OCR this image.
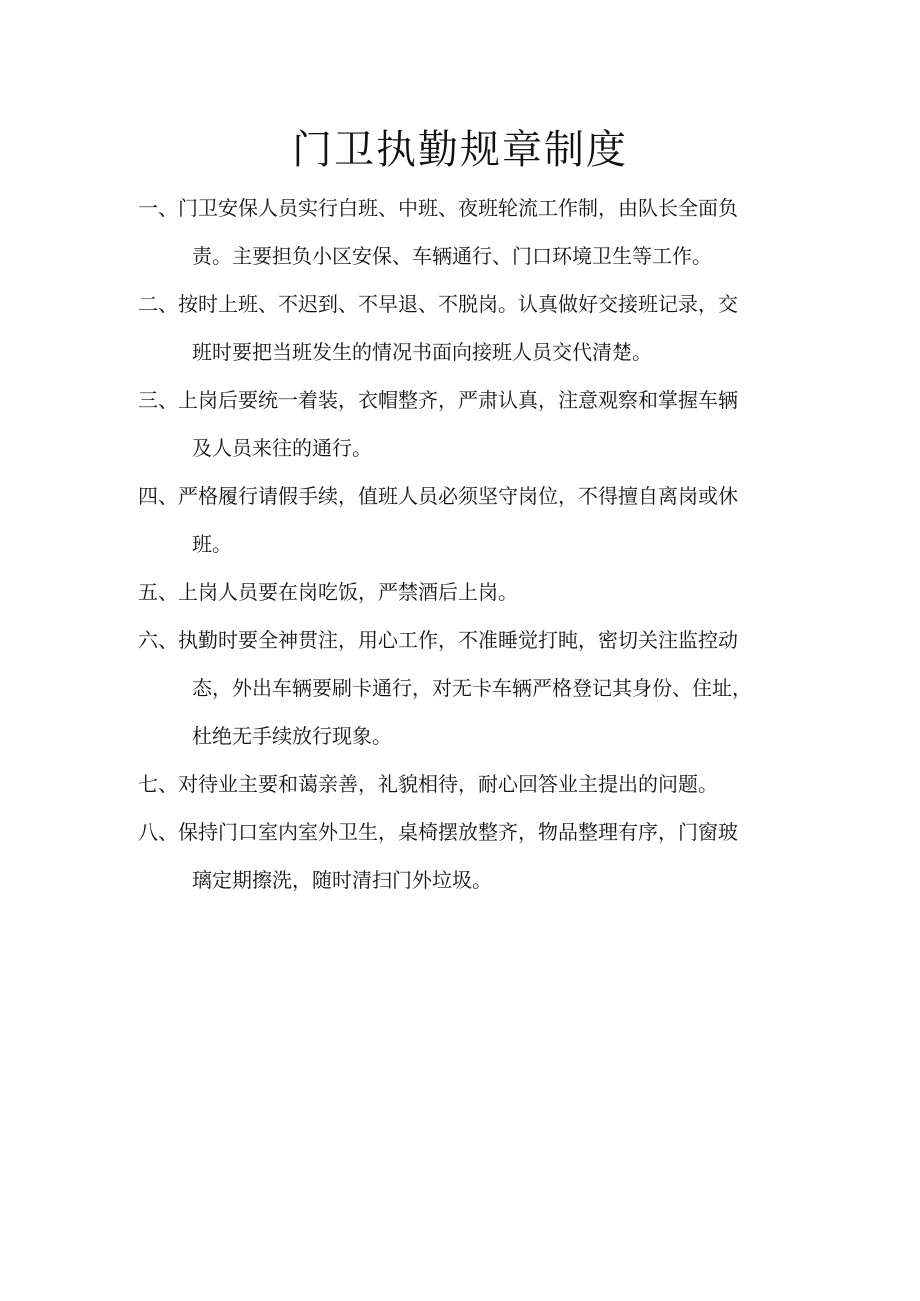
门卫执勤规章制度
一、门卫安保人员实行白班、中班、夜班轮流工作制，由队长全面负
责。主要担负小区安保、车辆通行、门口环境卫生等工作。
二、按时上班、不迟到、不早退、不脱岗。认真做好交接班记录，交
班时要把当班发生的情况书面向接班人员交代清楚。
三、上岗后要统一着装，衣帽整齐，严肃认真，注意观察和掌握车辆
及人员来往的通行。
四、严格履行请假手续，值班人员必须坚守岗位，不得擅自离岗或休
班。
五、上岗人员要在岗吃饭，严禁酒后上岗。
六、执勤时要全神贯注，用心工作，不准睡觉打盹，密切关注监控动
态，外出车辆要刷卡通行，对无卡车辆严格登记其身份、住址，
杜绝无手续放行现象。
七、对待业主要和蔼亲善，礼貌相待，耐心回答业主提出的问题。
八、保持门口室内室外卫生，桌椅摆放整齐，物品整理有序，门窗玻
璃定期擦洗，随时清扫门外垃圾。
